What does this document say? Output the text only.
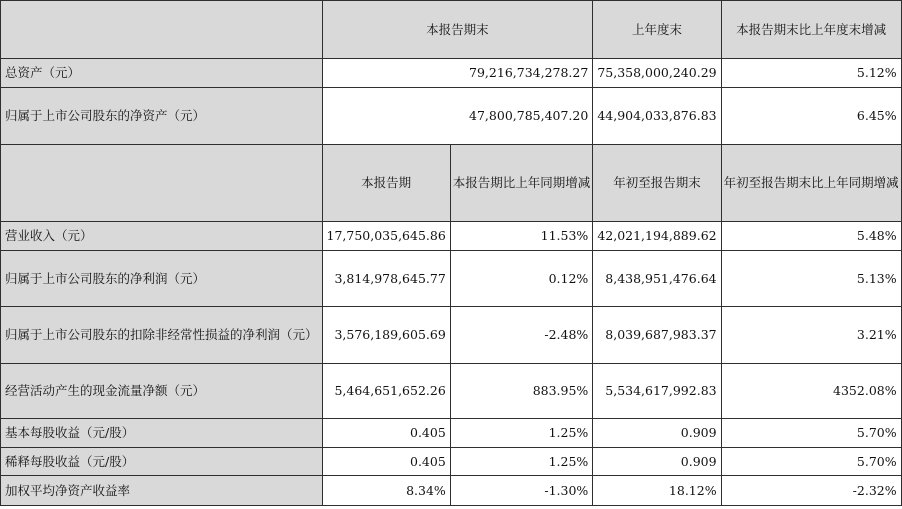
	本报告期末		上年度末	本报告期末比上年度末增减
总资产（元）	79,216,734,278.27		75,358,000,240.29	5.12%
归属于上市公司股东的净资产（元）	47,800,785,407.20		44,904,033,876.83	6.45%
	本报告期	本报告期比上年同期增减	年初至报告期末	年初至报告期末比上年同期增减
营业收入（元）	17,750,035,645.86	11.53%	42,021,194,889.62	5.48%
归属于上市公司股东的净利润（元）	3,814,978,645.77	0.12%	8,438,951,476.64	5.13%
归属于上市公司股东的扣除非经常性损益的净利润（元）	3,576,189,605.69	-2.48%	8,039,687,983.37	3.21%
经营活动产生的现金流量净额（元）	5,464,651,652.26	883.95%	5,534,617,992.83	4352.08%
基本每股收益（元/股）	0.405	1.25%	0.909	5.70%
稀释每股收益（元/股）	0.405	1.25%	0.909	5.70%
加权平均净资产收益率	8.34%	-1.30%	18.12%	-2.32%
